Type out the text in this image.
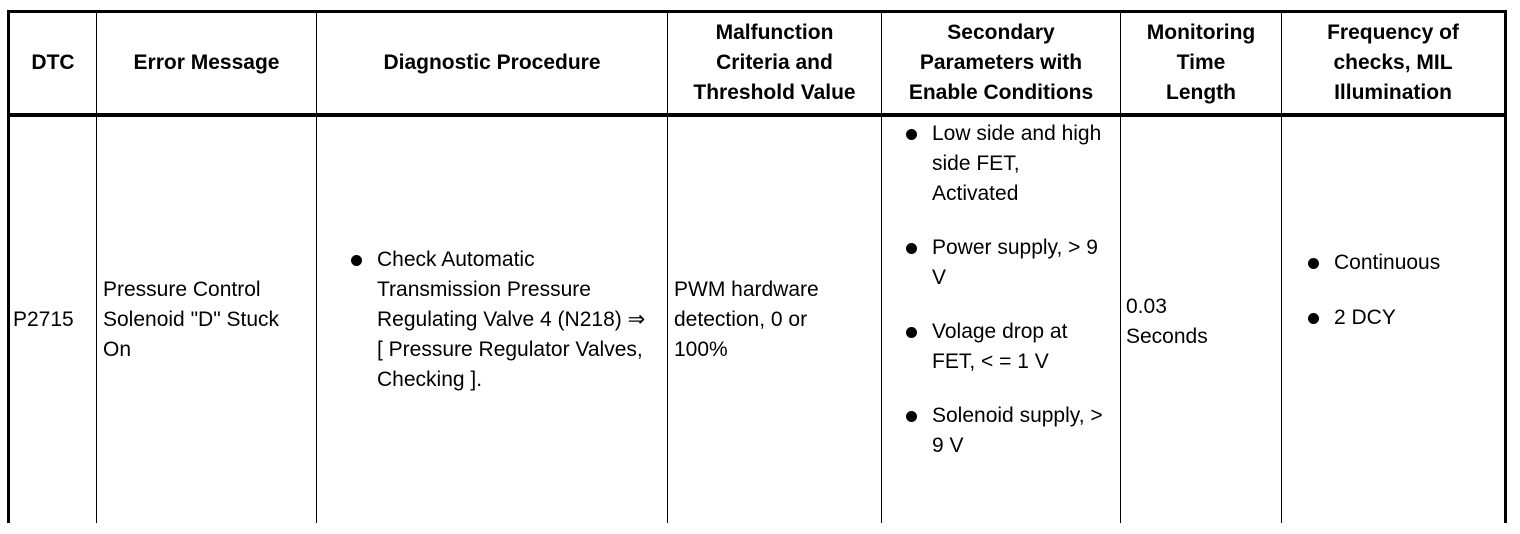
DTC	Error Message	Diagnostic Procedure
Malfunction Criteria and Threshold Value
Secondary Parameters with Enable Conditions
Monitoring Time Length
Frequency of checks, MIL Illumination
P2715
Pressure Control Solenoid "D" Stuck On
Check Automatic Transmission Pressure Regulating Valve 4 (N218) ⇒ [ Pressure Regulator Valves, Checking ].
PWM hardware detection, 0 or 100%
Low side and high side FET, Activated
Power supply, > 9 V
Volage drop at FET, < = 1 V
Solenoid supply, > 9 V
0.03 Seconds
Continuous
2 DCY
